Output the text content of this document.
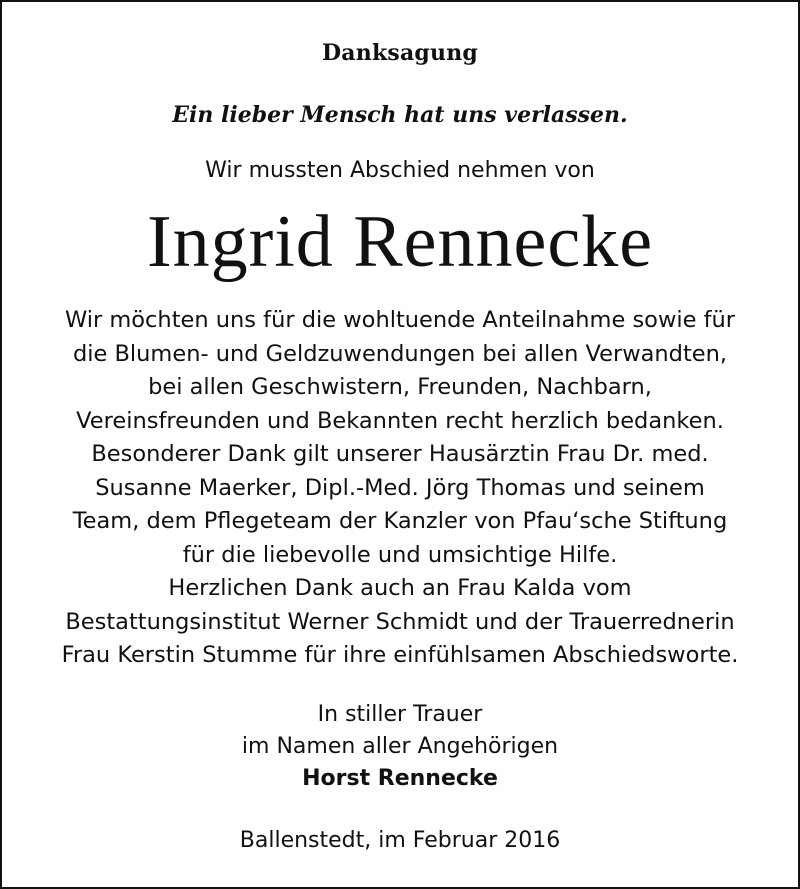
Danksagung
Ein lieber Mensch hat uns verlassen.
Wir mussten Abschied nehmen von
Ingrid Rennecke
Wir möchten uns für die wohltuende Anteilnahme sowie für
die Blumen- und Geldzuwendungen bei allen Verwandten,
bei allen Geschwistern, Freunden, Nachbarn,
Vereinsfreunden und Bekannten recht herzlich bedanken.
Besonderer Dank gilt unserer Hausärztin Frau Dr. med.
Susanne Maerker, Dipl.-Med. Jörg Thomas und seinem
Team, dem Pflegeteam der Kanzler von Pfau‘sche Stiftung
für die liebevolle und umsichtige Hilfe.
Herzlichen Dank auch an Frau Kalda vom
Bestattungsinstitut Werner Schmidt und der Trauerrednerin
Frau Kerstin Stumme für ihre einfühlsamen Abschiedsworte.
In stiller Trauer
im Namen aller Angehörigen
Horst Rennecke
Ballenstedt, im Februar 2016
